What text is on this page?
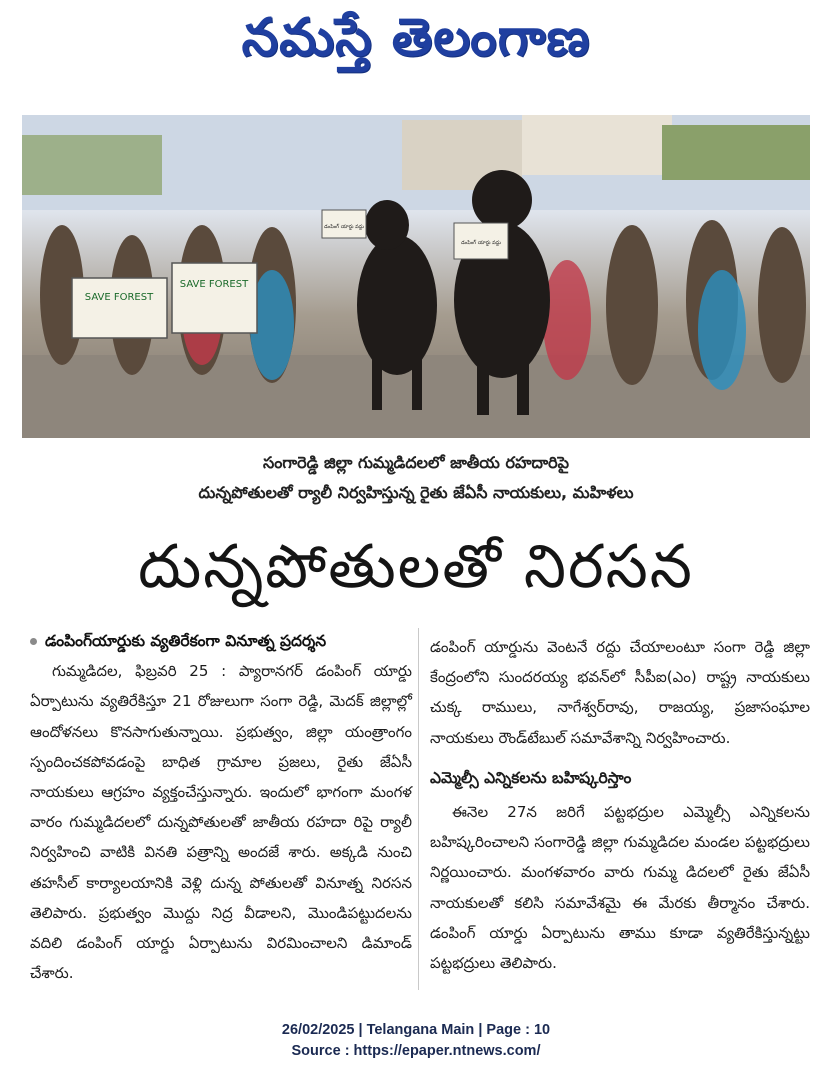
నమస్తే తెలంగాణ
SAVE FOREST
SAVE FOREST
డంపింగ్ యార్డు వద్దు
డంపింగ్ యార్డు వద్దు
సంగారెడ్డి జిల్లా గుమ్మడిదలలో జాతీయ రహదారిపై
దున్నపోతులతో ర్యాలీ నిర్వహిస్తున్న రైతు జేఏసీ నాయకులు, మహిళలు
దున్నపోతులతో నిరసన
డంపింగ్‌యార్డుకు వ్యతిరేకంగా వినూత్న ప్రదర్శన

గుమ్మడిదల, ఫిబ్రవరి 25 : ప్యారానగర్ డంపింగ్ యార్డు ఏర్పాటును వ్యతిరేకిస్తూ 21 రోజులుగా సంగా రెడ్డి, మెదక్ జిల్లాల్లో ఆందోళనలు కొనసాగుతున్నాయి. ప్రభుత్వం, జిల్లా యంత్రాంగం స్పందించకపోవడంపై బాధిత గ్రామాల ప్రజలు, రైతు జేఏసీ నాయకులు ఆగ్రహం వ్యక్తంచేస్తున్నారు. ఇందులో భాగంగా మంగళ వారం గుమ్మడిదలలో దున్నపోతులతో జాతీయ రహదా రిపై ర్యాలీ నిర్వహించి వాటికి వినతి పత్రాన్ని అందజే శారు. అక్కడి నుంచి తహసీల్ కార్యాలయానికి వెళ్లి దున్న పోతులతో వినూత్న నిరసన తెలిపారు. ప్రభుత్వం మొద్దు నిద్ర వీడాలని, మొండిపట్టుదలను వదిలి డంపింగ్ యార్డు ఏర్పాటును విరమించాలని డిమాండ్ చేశారు.

డంపింగ్ యార్డును వెంటనే రద్దు చేయాలంటూ సంగా రెడ్డి జిల్లా కేంద్రంలోని సుందరయ్య భవన్‌లో సీపీఐ(ఎం) రాష్ట్ర నాయకులు చుక్క రాములు, నాగేశ్వర్‌రావు, రాజయ్య, ప్రజాసంఘాల నాయకులు రౌండ్‌టేబుల్ సమావేశాన్ని నిర్వహించారు.

ఎమ్మెల్సీ ఎన్నికలను బహిష్కరిస్తాం

ఈనెల 27న జరిగే పట్టభద్రుల ఎమ్మెల్సీ ఎన్నికలను బహిష్కరించాలని సంగారెడ్డి జిల్లా గుమ్మడిదల మండల పట్టభద్రులు నిర్ణయించారు. మంగళవారం వారు గుమ్మ డిదలలో రైతు జేఏసీ నాయకులతో కలిసి సమావేశమై ఈ మేరకు తీర్మానం చేశారు. డంపింగ్ యార్డు ఏర్పాటును తాము కూడా వ్యతిరేకిస్తున్నట్టు పట్టభద్రులు తెలిపారు.

26/02/2025 | Telangana Main | Page : 10
Source : https://epaper.ntnews.com/
